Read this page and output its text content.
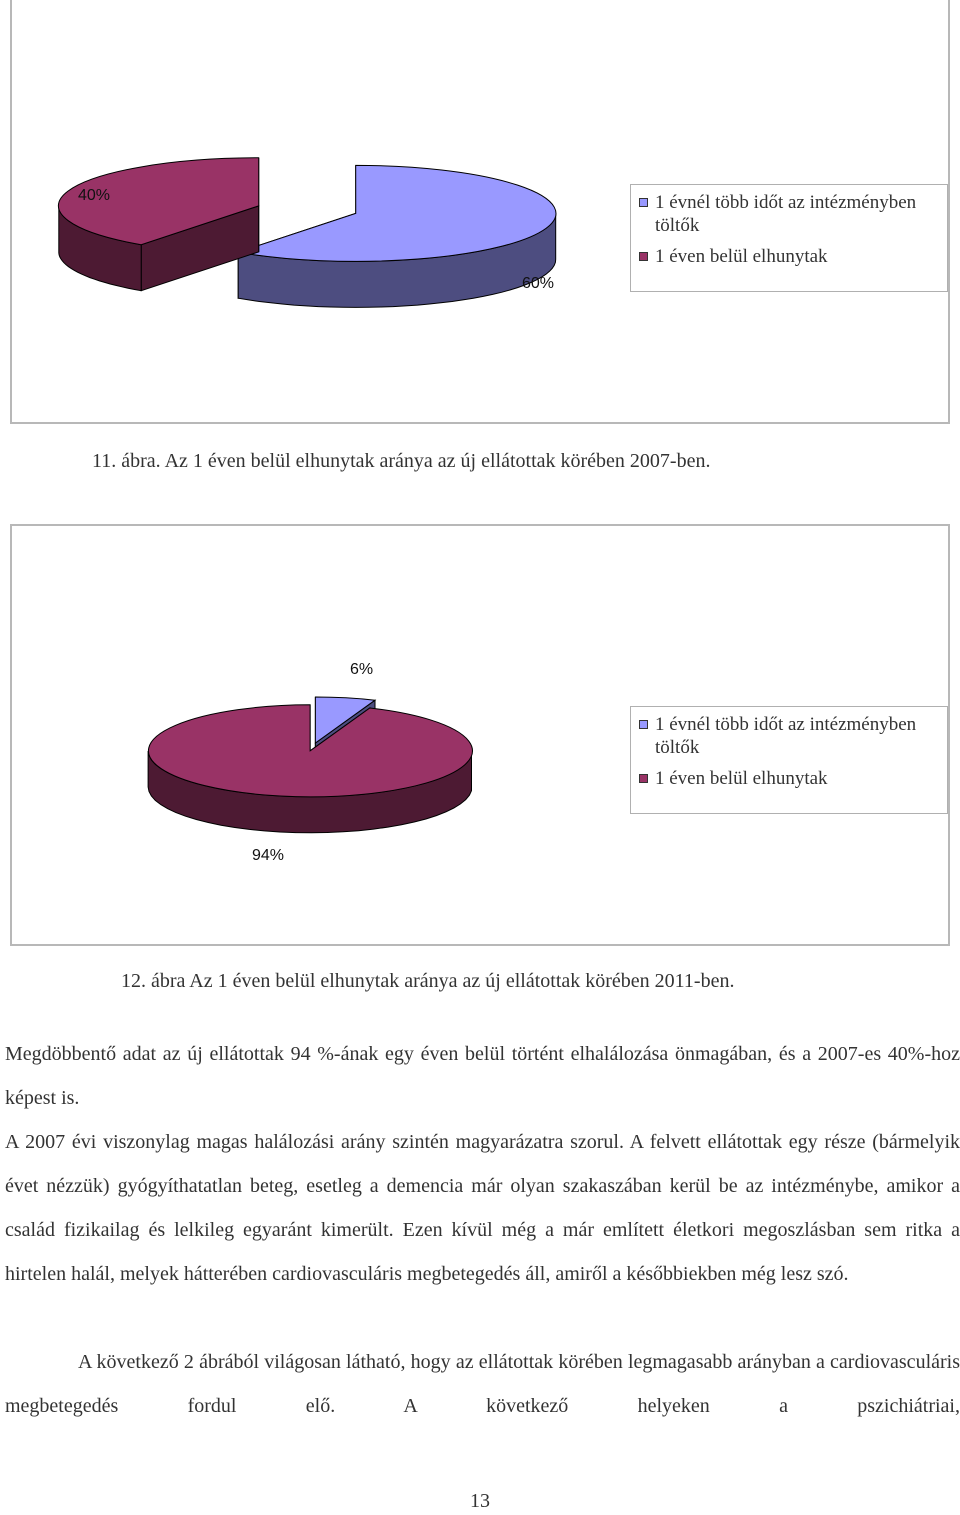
40%
60%
1 évnél több időt az intézményben töltők
1 éven belül elhunytak
11. ábra. Az 1 éven belül elhunytak aránya az új ellátottak körében 2007-ben.
6%
94%
1 évnél több időt az intézményben töltők
1 éven belül elhunytak
12. ábra Az 1 éven belül elhunytak aránya az új ellátottak körében 2011-ben.
Megdöbbentő adat az új ellátottak 94 %-ának egy éven belül történt elhalálozása önmagában, és a 2007-es 40%-hoz képest is.
A 2007 évi viszonylag magas halálozási arány szintén magyarázatra szorul. A felvett ellátottak egy része (bármelyik évet nézzük) gyógyíthatatlan beteg, esetleg a demencia már olyan szakaszában kerül be az intézménybe, amikor a család fizikailag és lelkileg egyaránt kimerült. Ezen kívül még a már említett életkori megoszlásban sem ritka a hirtelen halál, melyek hátterében cardiovasculáris megbetegedés áll, amiről a későbbiekben még lesz szó.
A következő 2 ábrából világosan látható, hogy az ellátottak körében legmagasabb arányban a cardiovasculáris megbetegedés fordul elő. A következő helyeken a pszichiátriai,
13
